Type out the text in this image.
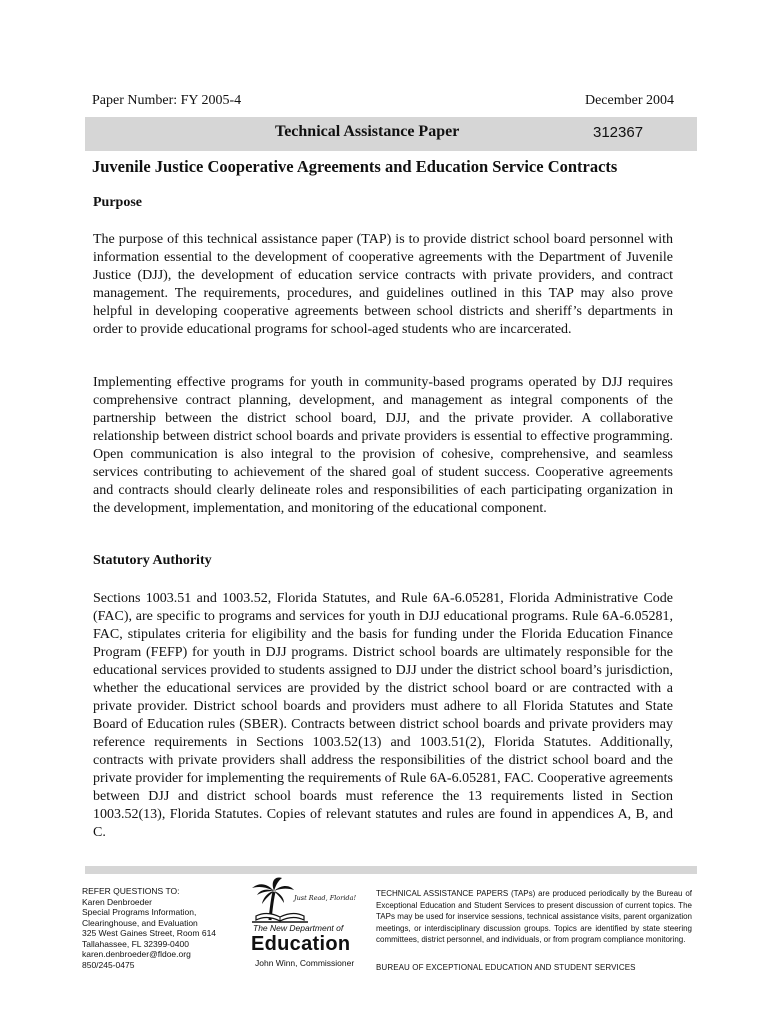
Paper Number: FY 2005-4	December 2004
Technical Assistance Paper	312367
Juvenile Justice Cooperative Agreements and Education Service Contracts
Purpose
The purpose of this technical assistance paper (TAP) is to provide district school board personnel with information essential to the development of cooperative agreements with the Department of Juvenile Justice (DJJ), the development of education service contracts with private providers, and contract management. The requirements, procedures, and guidelines outlined in this TAP may also prove helpful in developing cooperative agreements between school districts and sheriff’s departments in order to provide educational programs for school-aged students who are incarcerated.
Implementing effective programs for youth in community-based programs operated by DJJ requires comprehensive contract planning, development, and management as integral components of the partnership between the district school board, DJJ, and the private provider. A collaborative relationship between district school boards and private providers is essential to effective programming. Open communication is also integral to the provision of cohesive, comprehensive, and seamless services contributing to achievement of the shared goal of student success. Cooperative agreements and contracts should clearly delineate roles and responsibilities of each participating organization in the development, implementation, and monitoring of the educational component.
Statutory Authority
Sections 1003.51 and 1003.52, Florida Statutes, and Rule 6A-6.05281, Florida Administrative Code (FAC), are specific to programs and services for youth in DJJ educational programs. Rule 6A-6.05281, FAC, stipulates criteria for eligibility and the basis for funding under the Florida Education Finance Program (FEFP) for youth in DJJ programs. District school boards are ultimately responsible for the educational services provided to students assigned to DJJ under the district school board’s jurisdiction, whether the educational services are provided by the district school board or are contracted with a private provider. District school boards and providers must adhere to all Florida Statutes and State Board of Education rules (SBER). Contracts between district school boards and private providers may reference requirements in Sections 1003.52(13) and 1003.51(2), Florida Statutes. Additionally, contracts with private providers shall address the responsibilities of the district school board and the private provider for implementing the requirements of Rule 6A-6.05281, FAC. Cooperative agreements between DJJ and district school boards must reference the 13 requirements listed in Section 1003.52(13), Florida Statutes. Copies of relevant statutes and rules are found in appendices A, B, and C.
REFER QUESTIONS TO:
Karen Denbroeder
Special Programs Information,
Clearinghouse, and Evaluation
325 West Gaines Street, Room 614
Tallahassee, FL 32399-0400
karen.denbroeder@fldoe.org
850/245-0475
Just Read, Florida!
The New Department of
Education
John Winn, Commissioner
TECHNICAL ASSISTANCE PAPERS (TAPs) are produced periodically by the Bureau of Exceptional Education and Student Services to present discussion of current topics. The TAPs may be used for inservice sessions, technical assistance visits, parent organization meetings, or interdisciplinary discussion groups. Topics are identified by state steering committees, district personnel, and individuals, or from program compliance monitoring.
BUREAU OF EXCEPTIONAL EDUCATION AND STUDENT SERVICES
